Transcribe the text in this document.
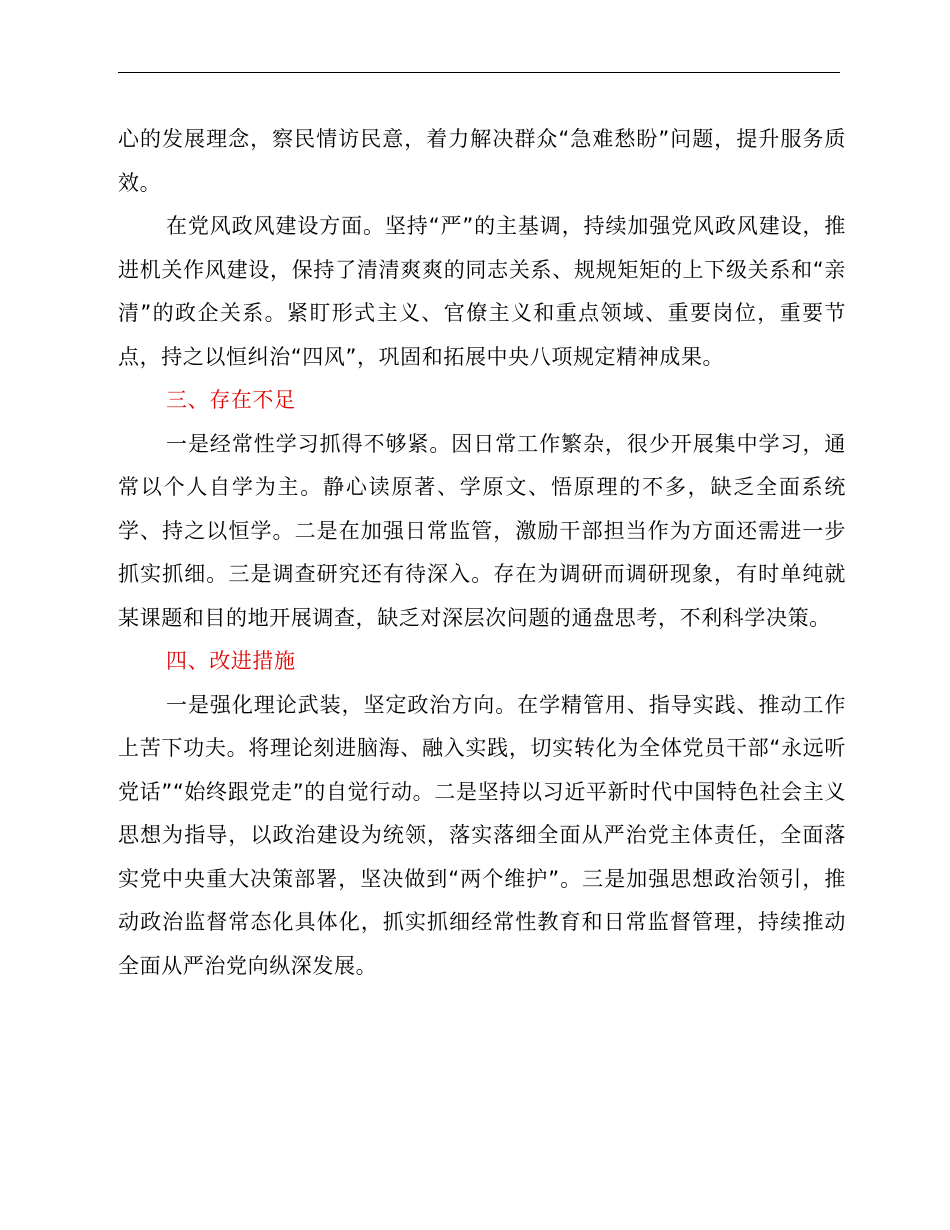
心的发展理念，察民情访民意，着力解决群众“急难愁盼”问题，提升服务质效。

在党风政风建设方面。坚持“严”的主基调，持续加强党风政风建设，推进机关作风建设，保持了清清爽爽的同志关系、规规矩矩的上下级关系和“亲清”的政企关系。紧盯形式主义、官僚主义和重点领域、重要岗位，重要节点，持之以恒纠治“四风”，巩固和拓展中央八项规定精神成果。

三、存在不足

一是经常性学习抓得不够紧。因日常工作繁杂，很少开展集中学习，通常以个人自学为主。静心读原著、学原文、悟原理的不多，缺乏全面系统学、持之以恒学。二是在加强日常监管，激励干部担当作为方面还需进一步抓实抓细。三是调查研究还有待深入。存在为调研而调研现象，有时单纯就某课题和目的地开展调查，缺乏对深层次问题的通盘思考，不利科学决策。

四、改进措施

一是强化理论武装，坚定政治方向。在学精管用、指导实践、推动工作上苦下功夫。将理论刻进脑海、融入实践，切实转化为全体党员干部“永远听党话”“始终跟党走”的自觉行动。二是坚持以习近平新时代中国特色社会主义思想为指导，以政治建设为统领，落实落细全面从严治党主体责任，全面落实党中央重大决策部署，坚决做到“两个维护”。三是加强思想政治领引，推动政治监督常态化具体化，抓实抓细经常性教育和日常监督管理，持续推动全面从严治党向纵深发展。
